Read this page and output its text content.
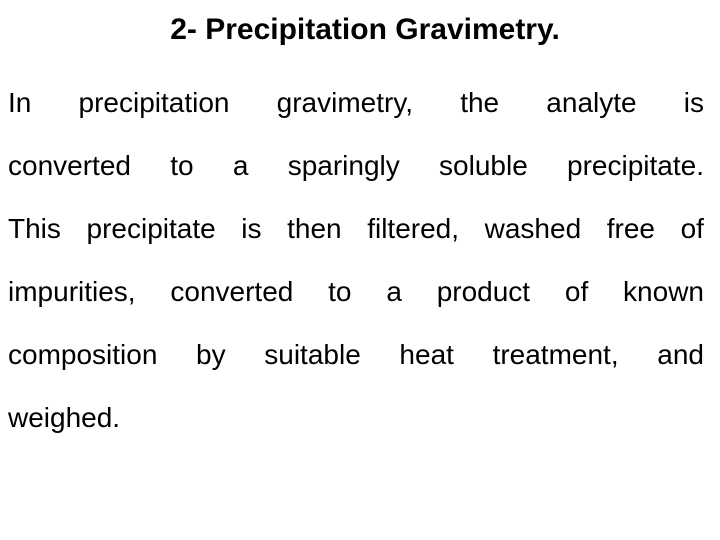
2- Precipitation Gravimetry.
In precipitation gravimetry, the analyte is
converted to a sparingly soluble precipitate.
This precipitate is then filtered, washed free of
impurities, converted to a product of known
composition by suitable heat treatment, and
weighed.
